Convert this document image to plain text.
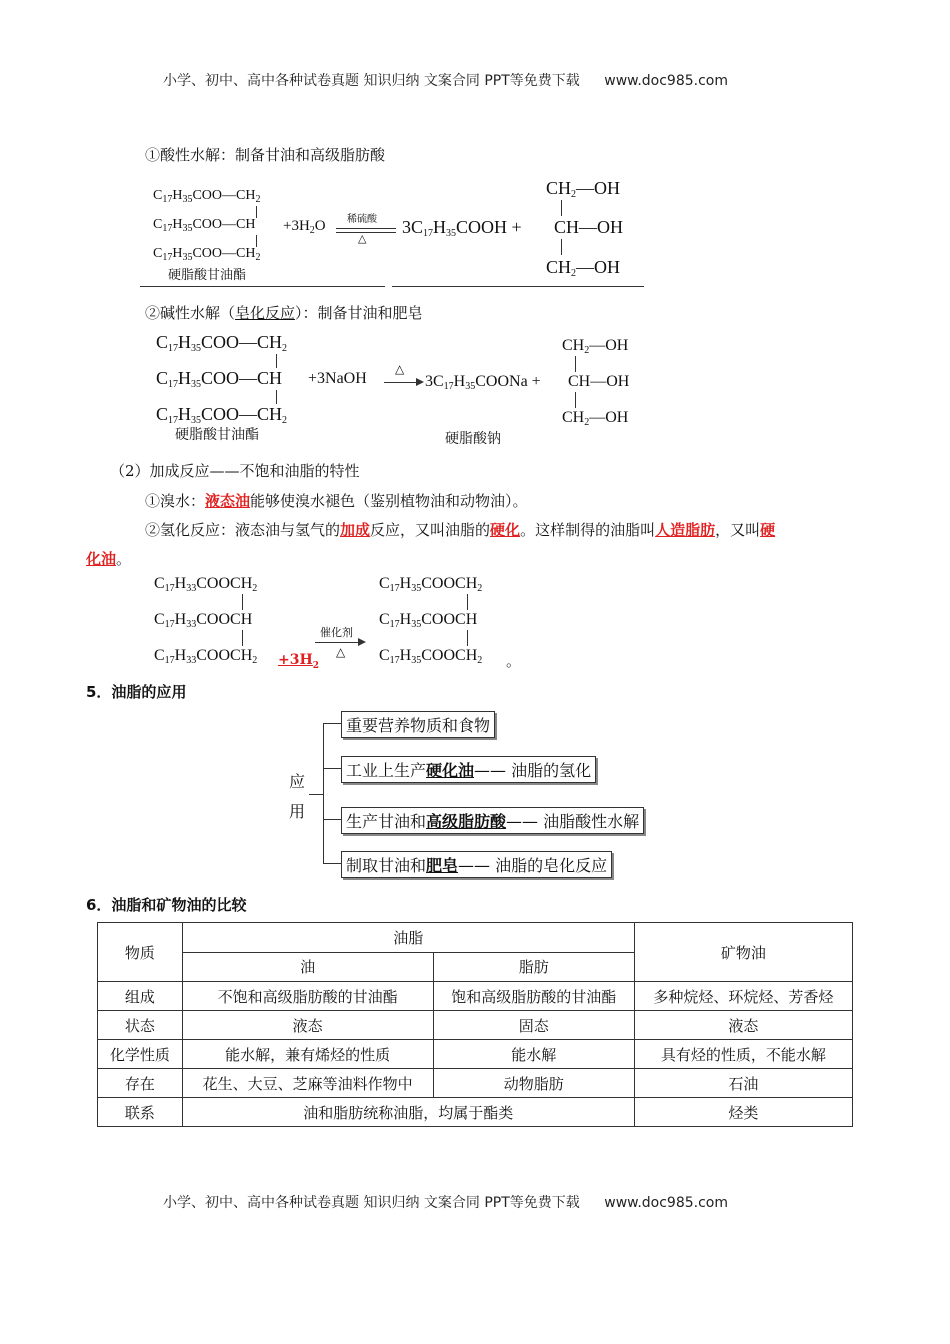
小学、初中、高中各种试卷真题 知识归纳 文案合同 PPT等免费下载 www.doc985.com
①酸性水解：制备甘油和高级脂肪酸
$C_{17}H_{35}COO—CH_2$
$C_{17}H_{35}COO—CH$
$C_{17}H_{35}COO—CH_2$
硬脂酸甘油酯
$+3H_2O$ 稀硫酸
△
$3C_{17}H_{35}COOH$ +
$CH_2—OH$
CH—OH
$CH_2—OH$
②碱性水解（皂化反应）：制备甘油和肥皂
$C_{17}H_{35}COO—CH_2$
$C_{17}H_{35}COO—CH$
$C_{17}H_{35}COO—CH_2$
硬脂酸甘油酯
+3NaOH
△
$3C_{17}H_{35}COONa$ +
$CH_2—OH$
CH—OH
$CH_2—OH$
硬脂酸钠
（2）加成反应——不饱和油脂的特性
①溴水：液态油能够使溴水褪色（鉴别植物油和动物油）。
②氢化反应：液态油与氢气的加成反应，又叫油脂的硬化。这样制得的油脂叫人造脂肪，又叫硬
化油。
$C_{17}H_{33}COOCH_2$
$C_{17}H_{33}COOCH$
$C_{17}H_{33}COOCH_2 +3H_2$
催化剂
△
$C_{17}H_{35}COOCH_2$
$C_{17}H_{35}COOCH$
$C_{17}H_{35}COOCH_2$ 。
5．油脂的应用
应
用
重要营养物质和食物
工业上生产硬化油—— 油脂的氢化
生产甘油和高级脂肪酸—— 油脂酸性水解
制取甘油和肥皂—— 油脂的皂化反应
6．油脂和矿物油的比较
物质	油脂		矿物油
	油	脂肪	
组成	不饱和高级脂肪酸的甘油酯	饱和高级脂肪酸的甘油酯	多种烷烃、环烷烃、芳香烃
状态	液态	固态	液态
化学性质	能水解，兼有烯烃的性质	能水解	具有烃的性质，不能水解
存在	花生、大豆、芝麻等油料作物中	动物脂肪	石油
联系	油和脂肪统称油脂，均属于酯类		烃类
小学、初中、高中各种试卷真题 知识归纳 文案合同 PPT等免费下载 www.doc985.com
